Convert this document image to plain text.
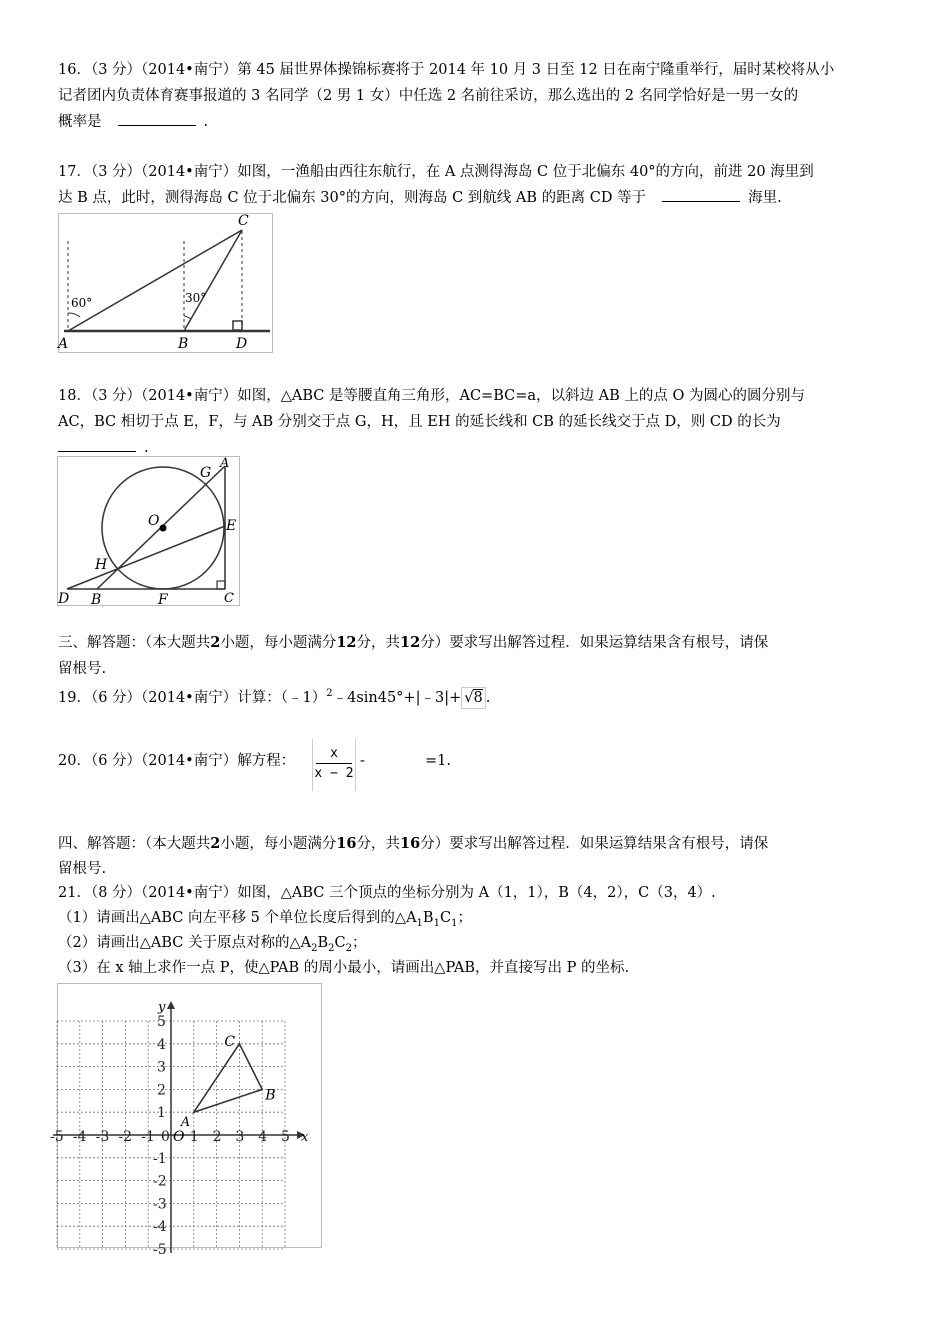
16．（3 分）（2014•南宁）第 45 届世界体操锦标赛将于 2014 年 10 月 3 日至 12 日在南宁隆重举行，届时某校将从小
记者团内负责体育赛事报道的 3 名同学（2 男 1 女）中任选 2 名前往采访，那么选出的 2 名同学恰好是一男一女的
概率是	.
17．（3 分）（2014•南宁）如图，一渔船由西往东航行，在 A 点测得海岛 C 位于北偏东 40°的方向，前进 20 海里到
达 B 点，此时，测得海岛 C 位于北偏东 30°的方向，则海岛 C 到航线 AB 的距离 CD 等于	海里.
60°	30°
A	B	D
C
18．（3 分）（2014•南宁）如图，△ABC 是等腰直角三角形，AC=BC=a，以斜边 AB 上的点 O 为圆心的圆分别与
AC，BC 相切于点 E，F，与 AB 分别交于点 G，H，且 EH 的延长线和 CB 的延长线交于点 D，则 CD 的长为
.
G
A
O	E
H
D B	F	C
三、解答题：（本大题共2小题，每小题满分12分，共12分）要求写出解答过程．如果运算结果含有根号，请保
留根号.
19．（6 分）（2014•南宁）计算：（﹣1）$^2$﹣4sin45°+|﹣3|+ √8 .
20．（6 分）（2014•南宁）解方程：	$\frac{x}{x - 2}$ -	=1.
四、解答题：（本大题共2小题，每小题满分16分，共16分）要求写出解答过程．如果运算结果含有根号，请保
留根号.
21．（8 分）（2014•南宁）如图，△ABC 三个顶点的坐标分别为 A（1，1），B（4，2），C（3，4）.
（1）请画出△ABC 向左平移 5 个单位长度后得到的$\triangle A_1B_1C_1$；
（2）请画出△ABC 关于原点对称的$\triangle A_2B_2C_2$；
（3）在 x 轴上求作一点 P，使△PAB 的周小最小，请画出△PAB，并直接写出 P 的坐标.
-5 -4 -3 -2 -1 0 1 2 3 4 5
5
4
3
2
1
-1
-2
-3
-4
-5
x
y
O
A
B
C
